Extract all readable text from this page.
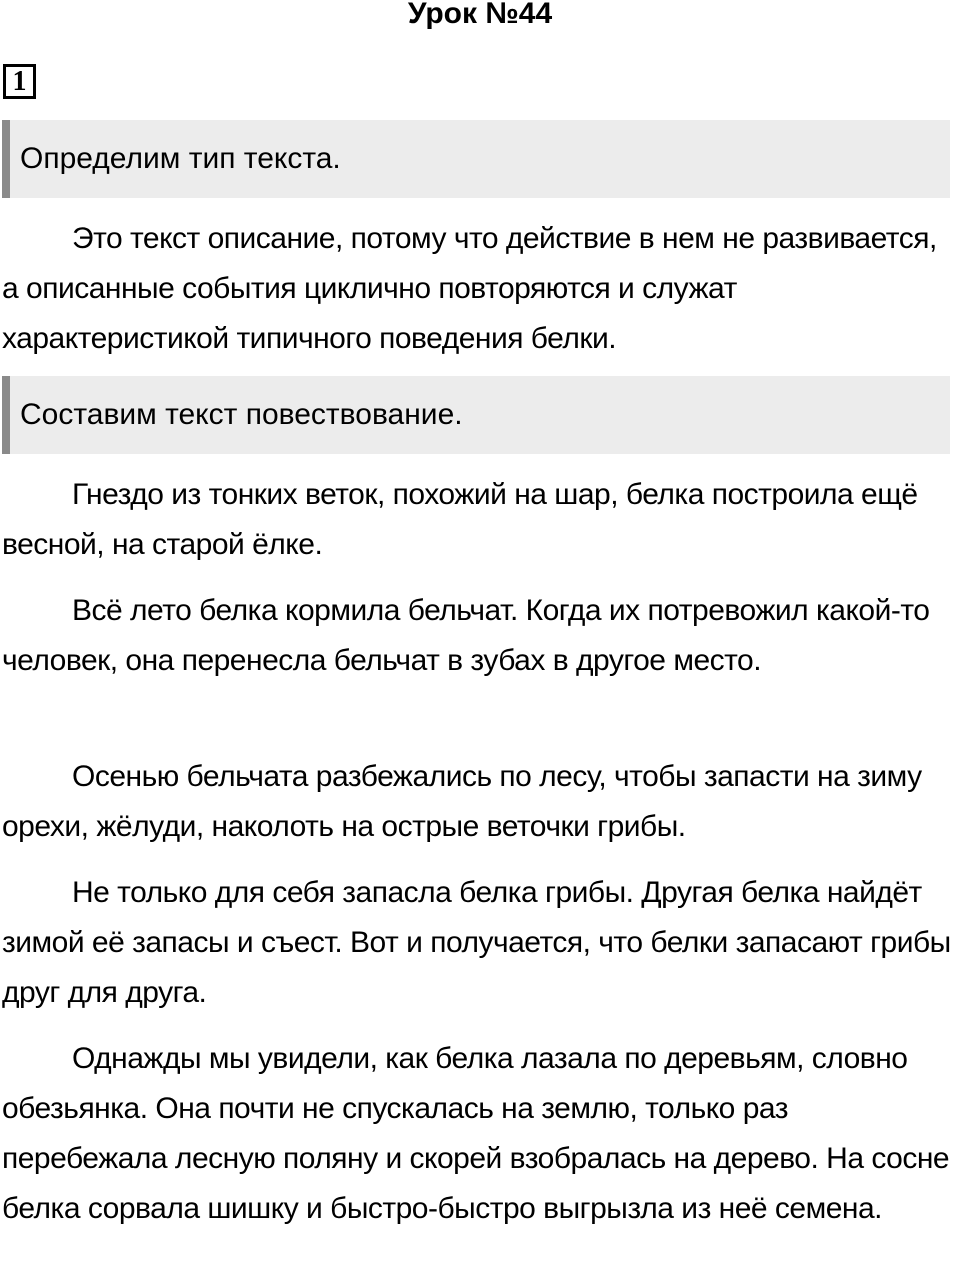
Урок №44
1
Определим тип текста.

Это текст описание, потому что действие в нем не развивается, а описанные события циклично повторяются и служат характеристикой типичного поведения белки.

Составим текст повествование.

Гнездо из тонких веток, похожий на шар, белка построила ещё весной, на старой ёлке.

Всё лето белка кормила бельчат. Когда их потревожил какой-то человек, она перенесла бельчат в зубах в другое место.

Осенью бельчата разбежались по лесу, чтобы запасти на зиму орехи, жёлуди, наколоть на острые веточки грибы.

Не только для себя запасла белка грибы. Другая белка найдёт зимой её запасы и съест. Вот и получается, что белки запасают грибы друг для друга.

Однажды мы увидели, как белка лазала по деревьям, словно обезьянка. Она почти не спускалась на землю, только раз перебежала лесную поляну и скорей взобралась на дерево. На сосне белка сорвала шишку и быстро-быстро выгрызла из неё семена.
